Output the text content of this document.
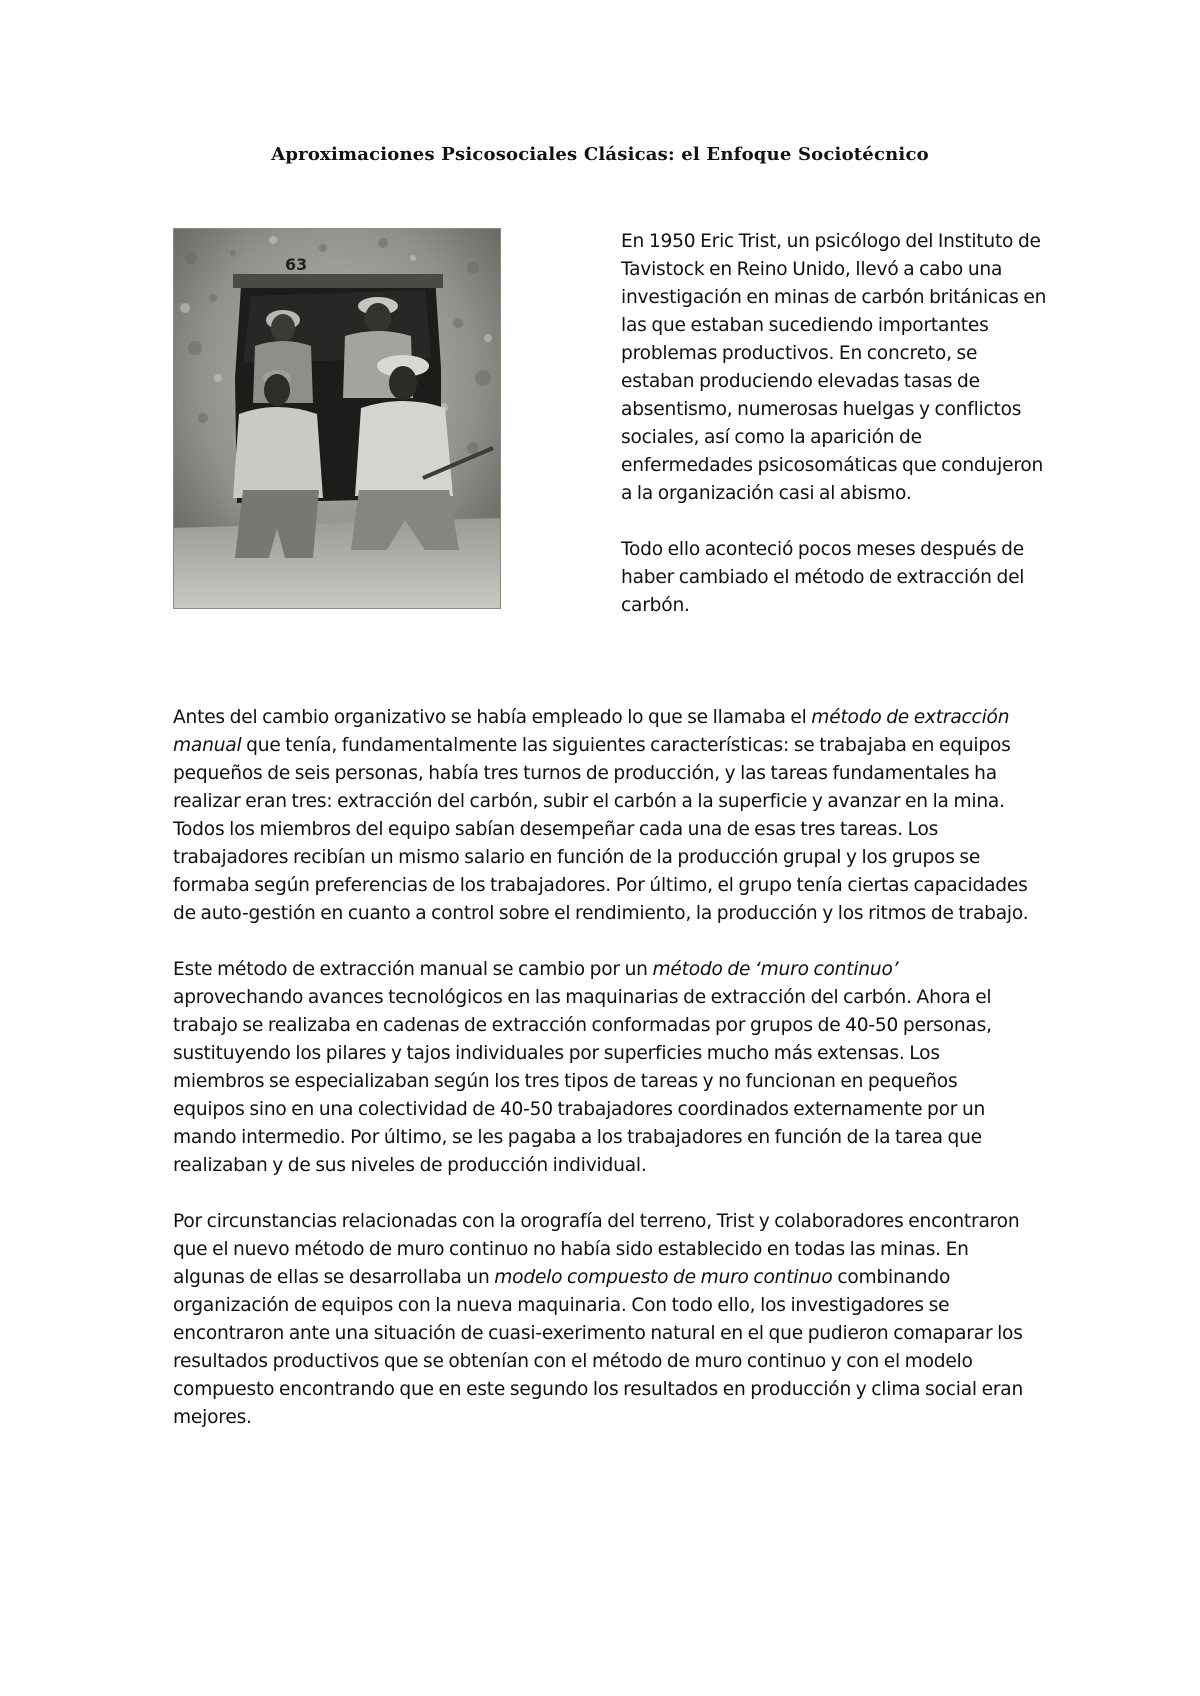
Aproximaciones Psicosociales Clásicas: el Enfoque Sociotécnico
63

En 1950 Eric Trist, un psicólogo del Instituto de Tavistock en Reino Unido, llevó a cabo una investigación en minas de carbón británicas en las que estaban sucediendo importantes problemas productivos. En concreto, se estaban produciendo elevadas tasas de absentismo, numerosas huelgas y conflictos sociales, así como la aparición de enfermedades psicosomáticas que condujeron a la organización casi al abismo.

Todo ello aconteció pocos meses después de haber cambiado el método de extracción del carbón.

Antes del cambio organizativo se había empleado lo que se llamaba el método de extracción manual que tenía, fundamentalmente las siguientes características: se trabajaba en equipos pequeños de seis personas, había tres turnos de producción, y las tareas fundamentales ha realizar eran tres: extracción del carbón, subir el carbón a la superficie y avanzar en la mina. Todos los miembros del equipo sabían desempeñar cada una de esas tres tareas. Los trabajadores recibían un mismo salario en función de la producción grupal y los grupos se formaba según preferencias de los trabajadores. Por último, el grupo tenía ciertas capacidades de auto-gestión en cuanto a control sobre el rendimiento, la producción y los ritmos de trabajo.

Este método de extracción manual se cambio por un método de ‘muro continuo’ aprovechando avances tecnológicos en las maquinarias de extracción del carbón. Ahora el trabajo se realizaba en cadenas de extracción conformadas por grupos de 40-50 personas, sustituyendo los pilares y tajos individuales por superficies mucho más extensas. Los miembros se especializaban según los tres tipos de tareas y no funcionan en pequeños equipos sino en una colectividad de 40-50 trabajadores coordinados externamente por un mando intermedio. Por último, se les pagaba a los trabajadores en función de la tarea que realizaban y de sus niveles de producción individual.

Por circunstancias relacionadas con la orografía del terreno, Trist y colaboradores encontraron que el nuevo método de muro continuo no había sido establecido en todas las minas. En algunas de ellas se desarrollaba un modelo compuesto de muro continuo combinando organización de equipos con la nueva maquinaria. Con todo ello, los investigadores se encontraron ante una situación de cuasi-exerimento natural en el que pudieron comaparar los resultados productivos que se obtenían con el método de muro continuo y con el modelo compuesto encontrando que en este segundo los resultados en producción y clima social eran mejores.
